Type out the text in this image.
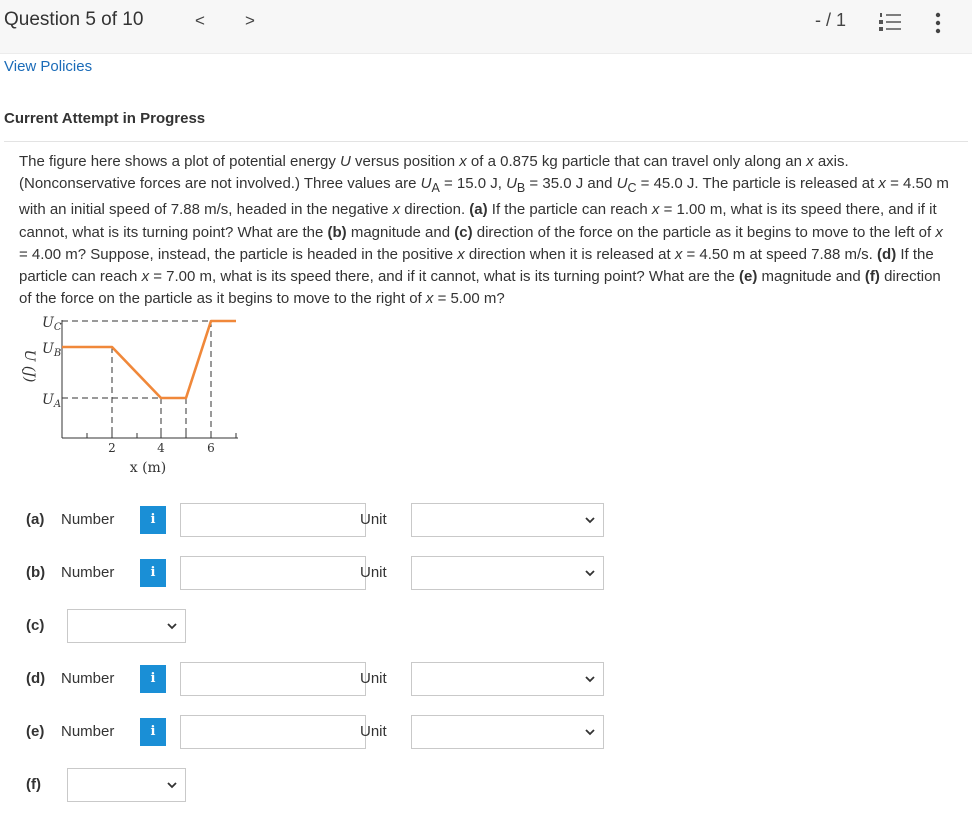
Question 5 of 10	< >	- / 1
View Policies
Current Attempt in Progress
The figure here shows a plot of potential energy U versus position x of a 0.875 kg particle that can travel only along an x axis. (Nonconservative forces are not involved.) Three values are $U_A = 15.0$ J, $U_B = 35.0$ J and $U_C = 45.0$ J. The particle is released at x = 4.50 m with an initial speed of 7.88 m/s, headed in the negative x direction. (a) If the particle can reach x = 1.00 m, what is its speed there, and if it cannot, what is its turning point? What are the (b) magnitude and (c) direction of the force on the particle as it begins to move to the left of x = 4.00 m? Suppose, instead, the particle is headed in the positive x direction when it is released at x = 4.50 m at speed 7.88 m/s. (d) If the particle can reach x = 7.00 m, what is its speed there, and if it cannot, what is its turning point? What are the (e) magnitude and (f) direction of the force on the particle as it begins to move to the right of x = 5.00 m?
$U_C$
$U_B$
$U_A$
U (J)
2	4	6
x (m)
(a) Number	i	Unit
(b) Number	i	Unit
(c)
(d) Number	i	Unit
(e) Number	i	Unit
(f)
